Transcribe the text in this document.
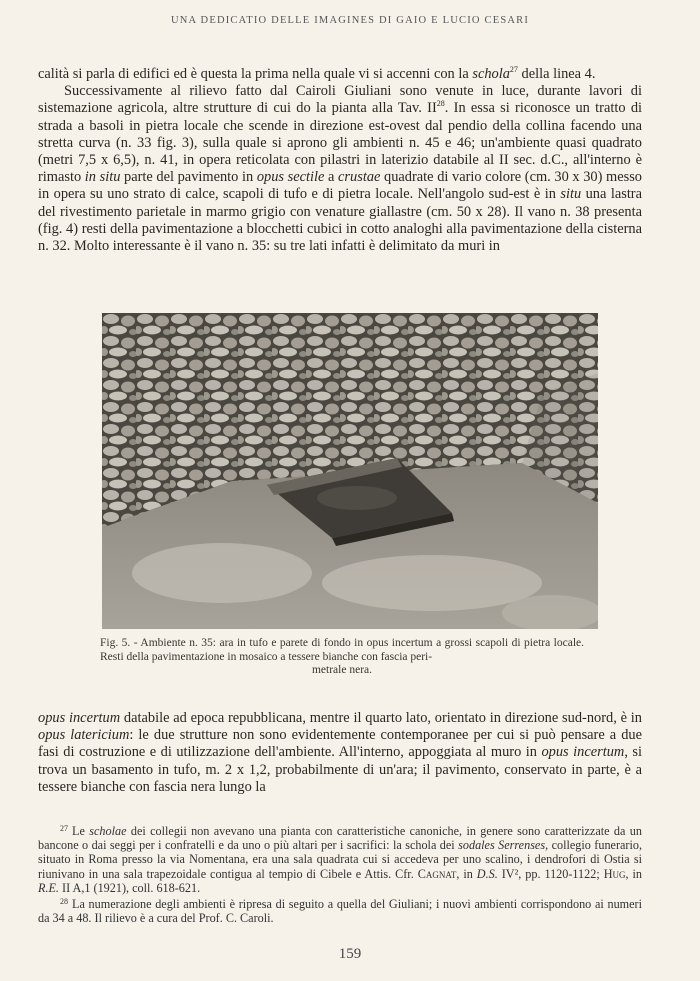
UNA DEDICATIO DELLE IMAGINES DI GAIO E LUCIO CESARI

calità si parla di edifici ed è questa la prima nella quale vi si accenni con la schola$^{27}$ della linea 4.

Successivamente al rilievo fatto dal Cairoli Giuliani sono venute in luce, durante lavori di sistemazione agricola, altre strutture di cui do la pianta alla Tav. II$^{28}$. In essa si riconosce un tratto di strada a basoli in pietra locale che scende in direzione est-ovest dal pendio della collina facendo una stretta curva (n. 33 fig. 3), sulla quale si aprono gli ambienti n. 45 e 46; un'ambiente quasi quadrato (metri 7,5 x 6,5), n. 41, in opera reticolata con pilastri in laterizio databile al II sec. d.C., all'interno è rimasto in situ parte del pavimento in opus sectile a crustae quadrate di vario colore (cm. 30 x 30) messo in opera su uno strato di calce, scapoli di tufo e di pietra locale. Nell'angolo sud-est è in situ una lastra del rivestimento parietale in marmo grigio con venature giallastre (cm. 50 x 28). Il vano n. 38 presenta (fig. 4) resti della pavimentazione a blocchetti cubici in cotto analoghi alla pavimentazione della cisterna n. 32. Molto interessante è il vano n. 35: su tre lati infatti è delimitato da muri in

Fig. 5. - Ambiente n. 35: ara in tufo e parete di fondo in opus incertum a grossi scapoli di pietra locale. Resti della pavimentazione in mosaico a tessere bianche con fascia peri-
metrale nera.

opus incertum databile ad epoca repubblicana, mentre il quarto lato, orientato in direzione sud-nord, è in opus latericium: le due strutture non sono evidentemente contemporanee per cui si può pensare a due fasi di costruzione e di utilizzazione dell'ambiente. All'interno, appoggiata al muro in opus incertum, si trova un basamento in tufo, m. 2 x 1,2, probabilmente di un'ara; il pavimento, conservato in parte, è a tessere bianche con fascia nera lungo la

$^{27}$ Le scholae dei collegii non avevano una pianta con caratteristiche canoniche, in genere sono caratterizzate da un bancone o dai seggi per i confratelli e da uno o più altari per i sacrifici: la schola dei sodales Serrenses, collegio funerario, situato in Roma presso la via Nomentana, era una sala quadrata cui si accedeva per uno scalino, i dendrofori di Ostia si riunivano in una sala trapezoidale contigua al tempio di Cibele e Attis. Cfr. Cagnat, in D.S. IV², pp. 1120-1122; Hug, in R.E. II A,1 (1921), coll. 618-621.

$^{28}$ La numerazione degli ambienti è ripresa di seguito a quella del Giuliani; i nuovi ambienti corrispondono ai numeri da 34 a 48. Il rilievo è a cura del Prof. C. Caroli.

159
